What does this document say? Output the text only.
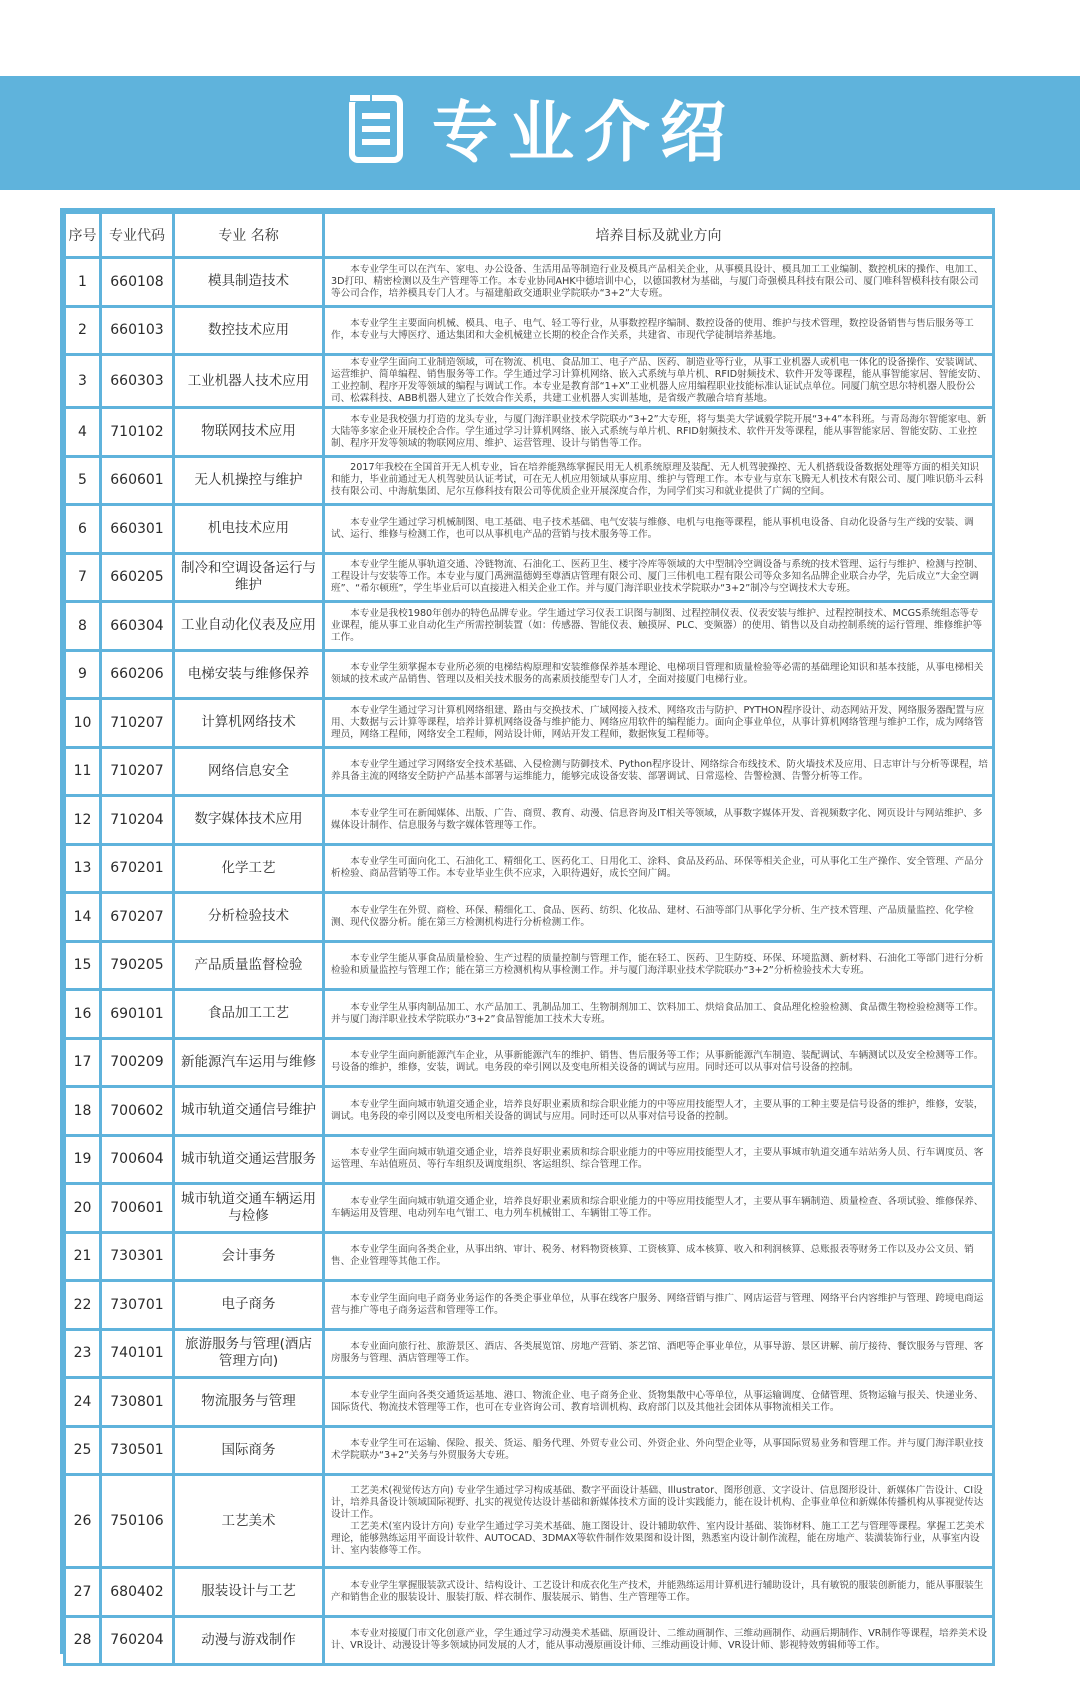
专业介绍
序号	专业代码	专业 名称	培养目标及就业方向
1	660108	模具制造技术	　　本专业学生可以在汽车、家电、办公设备、生活用品等制造行业及模具产品相关企业，从事模具设计、模具加工工业编制、数控机床的操作、电加工、3D打印、精密检测以及生产管理等工作。本专业协同AHK中德培训中心，以德国教材为基础，与厦门奇强模具科技有限公司、厦门唯科智模科技有限公司等公司合作，培养模具专门人才。与福建船政交通职业学院联办“3+2”大专班。

2	660103	数控技术应用	　　本专业学生主要面向机械、模具、电子、电气、轻工等行业，从事数控程序编制、数控设备的使用、维护与技术管理，数控设备销售与售后服务等工作，本专业与大博医疗、通达集团和大金机械建立长期的校企合作关系，共建省、市现代学徒制培养基地。

3	660303	工业机器人技术应用	　　本专业学生面向工业制造领域，可在物流、机电、食品加工、电子产品、医药、制造业等行业，从事工业机器人或机电一体化的设备操作、安装调试、运营维护、简单编程、销售服务等工作。学生通过学习计算机网络、嵌入式系统与单片机、RFID射频技术、软件开发等课程，能从事智能家居、智能安防、工业控制、程序开发等领域的编程与调试工作。本专业是教育部“1+X”工业机器人应用编程职业技能标准认证试点单位。同厦门航空思尔特机器人股份公司、松霖科技、ABB机器人建立了长效合作关系，共建工业机器人实训基地，是省级产教融合培育基地。

4	710102	物联网技术应用	　　本专业是我校强力打造的龙头专业，与厦门海洋职业技术学院联办“3+2”大专班，将与集美大学诚毅学院开展“3+4”本科班。与青岛海尔智能家电、新大陆等多家企业开展校企合作。学生通过学习计算机网络、嵌入式系统与单片机、RFID射频技术、软件开发等课程，能从事智能家居、智能安防、工业控制、程序开发等领域的物联网应用、维护、运营管理、设计与销售等工作。

5	660601	无人机操控与维护	　　2017年我校在全国首开无人机专业，旨在培养能熟练掌握民用无人机系统原理及装配、无人机驾驶操控、无人机搭载设备数据处理等方面的相关知识和能力，毕业前通过无人机驾驶员认证考试，可在无人机应用领域从事应用、维护与管理工作。本专业与京东飞腾无人机技术有限公司、厦门唯识筋斗云科技有限公司、中海航集团、尼尔互修科技有限公司等优质企业开展深度合作，为同学们实习和就业提供了广阔的空间。

6	660301	机电技术应用	　　本专业学生通过学习机械制图、电工基础、电子技术基础、电气安装与维修、电机与电拖等课程，能从事机电设备、自动化设备与生产线的安装、调试、运行、维修与检测工作，也可以从事机电产品的营销与技术服务等工作。

7	660205	制冷和空调设备运行与维护	　　本专业学生能从事轨道交通、冷链物流、石油化工、医药卫生、楼宇冷库等领域的大中型制冷空调设备与系统的技术管理、运行与维护、检测与控制、工程设计与安装等工作。本专业与厦门禹洲温德姆至尊酒店管理有限公司、厦门三伟机电工程有限公司等众多知名品牌企业联合办学，先后成立“大金空调班”、“希尔顿班”，学生毕业后可以直接进入相关企业工作。并与厦门海洋职业技术学院联办“3+2”制冷与空调技术大专班。

8	660304	工业自动化仪表及应用	　　本专业是我校1980年创办的特色品牌专业。学生通过学习仪表工识图与制图、过程控制仪表、仪表安装与维护、过程控制技术、MCGS系统组态等专业课程，能从事工业自动化生产所需控制装置（如：传感器、智能仪表、触摸屏、PLC、变频器）的使用、销售以及自动控制系统的运行管理、维修维护等工作。

9	660206	电梯安装与维修保养	　　本专业学生须掌握本专业所必须的电梯结构原理和安装维修保养基本理论、电梯项目管理和质量检验等必需的基础理论知识和基本技能，从事电梯相关领域的技术或产品销售、管理以及相关技术服务的高素质技能型专门人才，全面对接厦门电梯行业。

10	710207	计算机网络技术	　　本专业学生通过学习计算机网络组建、路由与交换技术、广域网接入技术、网络攻击与防护、PYTHON程序设计、动态网站开发、网络服务器配置与应用、大数据与云计算等课程，培养计算机网络设备与维护能力、网络应用软件的编程能力。面向企事业单位，从事计算机网络管理与维护工作，成为网络管理员，网络工程师，网络安全工程师，网站设计师，网站开发工程师，数据恢复工程师等。

11	710207	网络信息安全	　　本专业学生通过学习网络安全技术基础、入侵检测与防御技术、Python程序设计、网络综合布线技术、防火墙技术及应用、日志审计与分析等课程，培养具备主流的网络安全防护产品基本部署与运维能力，能够完成设备安装、部署调试、日常巡检、告警检测、告警分析等工作。

12	710204	数字媒体技术应用	　　本专业学生可在新闻媒体、出版、广告、商贸、教育、动漫、信息咨询及IT相关等领域，从事数字媒体开发、音视频数字化、网页设计与网站维护、多媒体设计制作、信息服务与数字媒体管理等工作。

13	670201	化学工艺	　　本专业学生可面向化工、石油化工、精细化工、医药化工、日用化工、涂料、食品及药品、环保等相关企业，可从事化工生产操作、安全管理、产品分析检验、商品营销等工作。本专业毕业生供不应求，入职待遇好，成长空间广阔。

14	670207	分析检验技术	　　本专业学生在外贸、商检、环保、精细化工、食品、医药、纺织、化妆品、建材、石油等部门从事化学分析、生产技术管理、产品质量监控、化学检测、现代仪器分析。能在第三方检测机构进行分析检测工作。

15	790205	产品质量监督检验	　　本专业学生能从事食品质量检验、生产过程的质量控制与管理工作，能在轻工、医药、卫生防疫、环保、环境监测、新材料、石油化工等部门进行分析检验和质量监控与管理工作；能在第三方检测机构从事检测工作。并与厦门海洋职业技术学院联办“3+2”分析检验技术大专班。

16	690101	食品加工工艺	　　本专业学生从事肉制品加工、水产品加工、乳制品加工、生物制剂加工、饮料加工、烘焙食品加工、食品理化检验检测、食品微生物检验检测等工作。并与厦门海洋职业技术学院联办“3+2”食品智能加工技术大专班。

17	700209	新能源汽车运用与维修	　　本专业学生面向新能源汽车企业，从事新能源汽车的维护、销售、售后服务等工作；从事新能源汽车制造、装配调试、车辆测试以及安全检测等工作。号设备的维护，维修，安装，调试。电务段的牵引网以及变电所相关设备的调试与应用。同时还可以从事对信号设备的控制。

18	700602	城市轨道交通信号维护	　　本专业学生面向城市轨道交通企业，培养良好职业素质和综合职业能力的中等应用技能型人才，主要从事的工种主要是信号设备的维护，维修，安装，调试。电务段的牵引网以及变电所相关设备的调试与应用。同时还可以从事对信号设备的控制。

19	700604	城市轨道交通运营服务	　　本专业学生面向城市轨道交通企业，培养良好职业素质和综合职业能力的中等应用技能型人才，主要从事城市轨道交通车站站务人员、行车调度员、客运管理、车站值班员、等行车组织及调度组织、客运组织、综合管理工作。

20	700601	城市轨道交通车辆运用与检修	　　本专业学生面向城市轨道交通企业，培养良好职业素质和综合职业能力的中等应用技能型人才，主要从事车辆制造、质量检查、各项试验、维修保养、车辆运用及管理、电动列车电气钳工、电力列车机械钳工、车辆钳工等工作。

21	730301	会计事务	　　本专业学生面向各类企业，从事出纳、审计、税务、材料物资核算、工资核算、成本核算、收入和利润核算、总账报表等财务工作以及办公文员、销售、企业管理等其他工作。

22	730701	电子商务	　　本专业学生面向电子商务业务运作的各类企事业单位，从事在线客户服务、网络营销与推广、网店运营与管理、网络平台内容维护与管理、跨境电商运营与推广等电子商务运营和管理等工作。

23	740101	旅游服务与管理(酒店管理方向)	　　本专业面向旅行社、旅游景区、酒店、各类展览馆、房地产营销、茶艺馆、酒吧等企事业单位，从事导游、景区讲解、前厅接待、餐饮服务与管理、客房服务与管理、酒店管理等工作。

24	730801	物流服务与管理	　　本专业学生面向各类交通货运基地、港口、物流企业、电子商务企业、货物集散中心等单位，从事运输调度、仓储管理、货物运输与报关、快递业务、国际货代、物流技术管理等工作，也可在专业咨询公司、教育培训机构、政府部门以及其他社会团体从事物流相关工作。

25	730501	国际商务	　　本专业学生可在运输、保险、报关、货运、船务代理、外贸专业公司、外资企业、外向型企业等，从事国际贸易业务和管理工作。并与厦门海洋职业技术学院联办“3+2”关务与外贸服务大专班。

26	750106	工艺美术	　　工艺美术(视觉传达方向) 专业学生通过学习构成基础、数字平面设计基础、Illustrator、图形创意、文字设计、信息图形设计、新媒体广告设计、CI设计，培养具备设计领域国际视野、扎实的视觉传达设计基础和新媒体技术方面的设计实践能力，能在设计机构、企事业单位和新媒体传播机构从事视觉传达设计工作。
　　工艺美术(室内设计方向) 专业学生通过学习美术基础、施工图设计、设计辅助软件、室内设计基础、装饰材料、施工工艺与管理等课程。掌握工艺美术理论，能够熟练运用平面设计软件、AUTOCAD、3DMAX等软件制作效果图和设计图，熟悉室内设计制作流程，能在房地产、装潢装饰行业，从事室内设计、室内装修等工作。

27	680402	服装设计与工艺	　　本专业学生掌握服装款式设计、结构设计、工艺设计和成衣化生产技术，并能熟练运用计算机进行辅助设计，具有敏锐的服装创新能力，能从事服装生产和销售企业的服装设计、服装打版、样衣制作、服装展示、销售、生产管理等工作。

28	760204	动漫与游戏制作	　　本专业对接厦门市文化创意产业，学生通过学习动漫美术基础、原画设计、二维动画制作、三维动画制作、动画后期制作、VR制作等课程，培养美术设计、VR设计、动漫设计等多领域协同发展的人才，能从事动漫原画设计师、三维动画设计师、VR设计师、影视特效剪辑师等工作。
